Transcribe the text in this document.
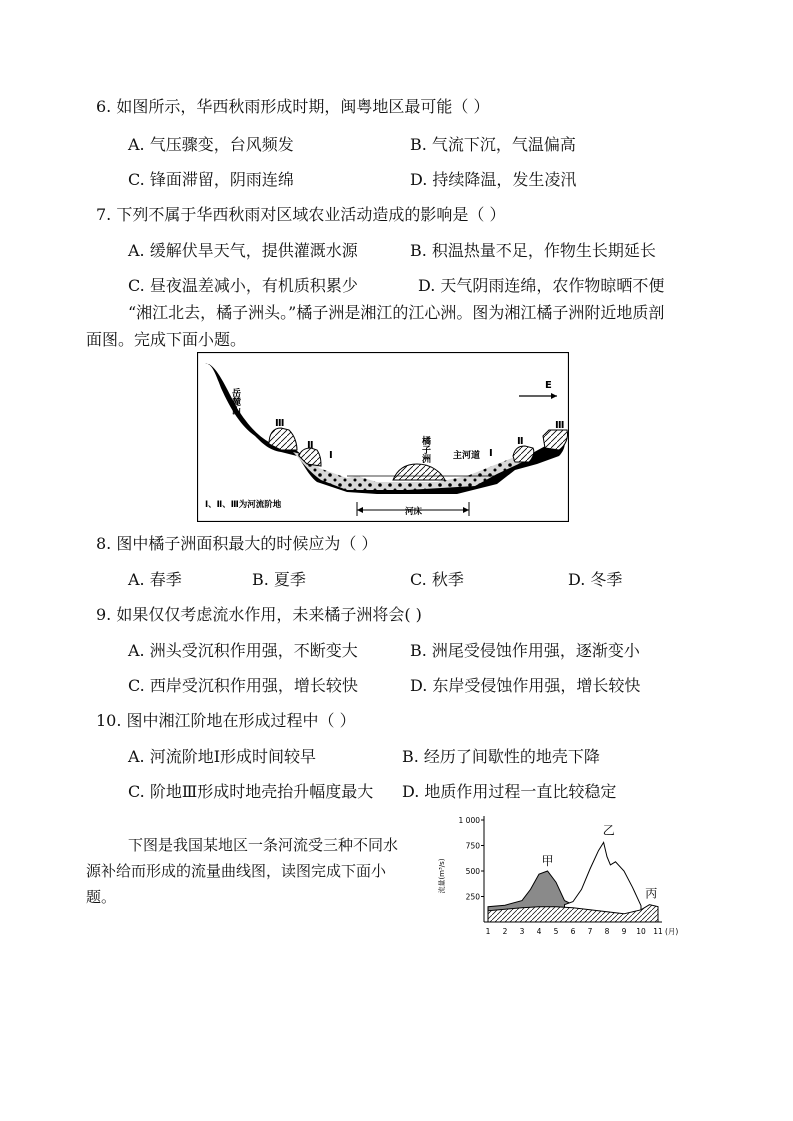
6. 如图所示，华西秋雨形成时期，闽粤地区最可能（ ）
A. 气压骤变，台风频发	B. 气流下沉，气温偏高
C. 锋面滞留，阴雨连绵	D. 持续降温，发生凌汛
7. 下列不属于华西秋雨对区域农业活动造成的影响是（ ）
A. 缓解伏旱天气，提供灌溉水源	B. 积温热量不足，作物生长期延长
C. 昼夜温差减小，有机质积累少	D. 天气阴雨连绵，农作物晾晒不便
“湘江北去，橘子洲头。”橘子洲是湘江的江心洲。图为湘江橘子洲附近地质剖
面图。完成下面小题。
E
岳麓山
Ⅲ
Ⅱ
Ⅰ	橘子洲	主河道 Ⅰ
Ⅱ
Ⅲ
Ⅰ、Ⅱ、Ⅲ为河流阶地
河床
8. 图中橘子洲面积最大的时候应为（ ）
A. 春季	B. 夏季	C. 秋季	D. 冬季
9. 如果仅仅考虑流水作用，未来橘子洲将会( )
A. 洲头受沉积作用强，不断变大	B. 洲尾受侵蚀作用强，逐渐变小
C. 西岸受沉积作用强，增长较快	D. 东岸受侵蚀作用强，增长较快
10. 图中湘江阶地在形成过程中（ ）
A. 河流阶地Ⅰ形成时间较早	B. 经历了间歇性的地壳下降
C. 阶地Ⅲ形成时地壳抬升幅度最大 D. 地质作用过程一直比较稳定
下图是我国某地区一条河流受三种不同水源补给而形成的流量曲线图，读图完成下面小题。
1 000
750
500
250
1 2 3 4 5 6 7 8 9 10 11 (月)
流量(m³/s)	甲
乙
丙
